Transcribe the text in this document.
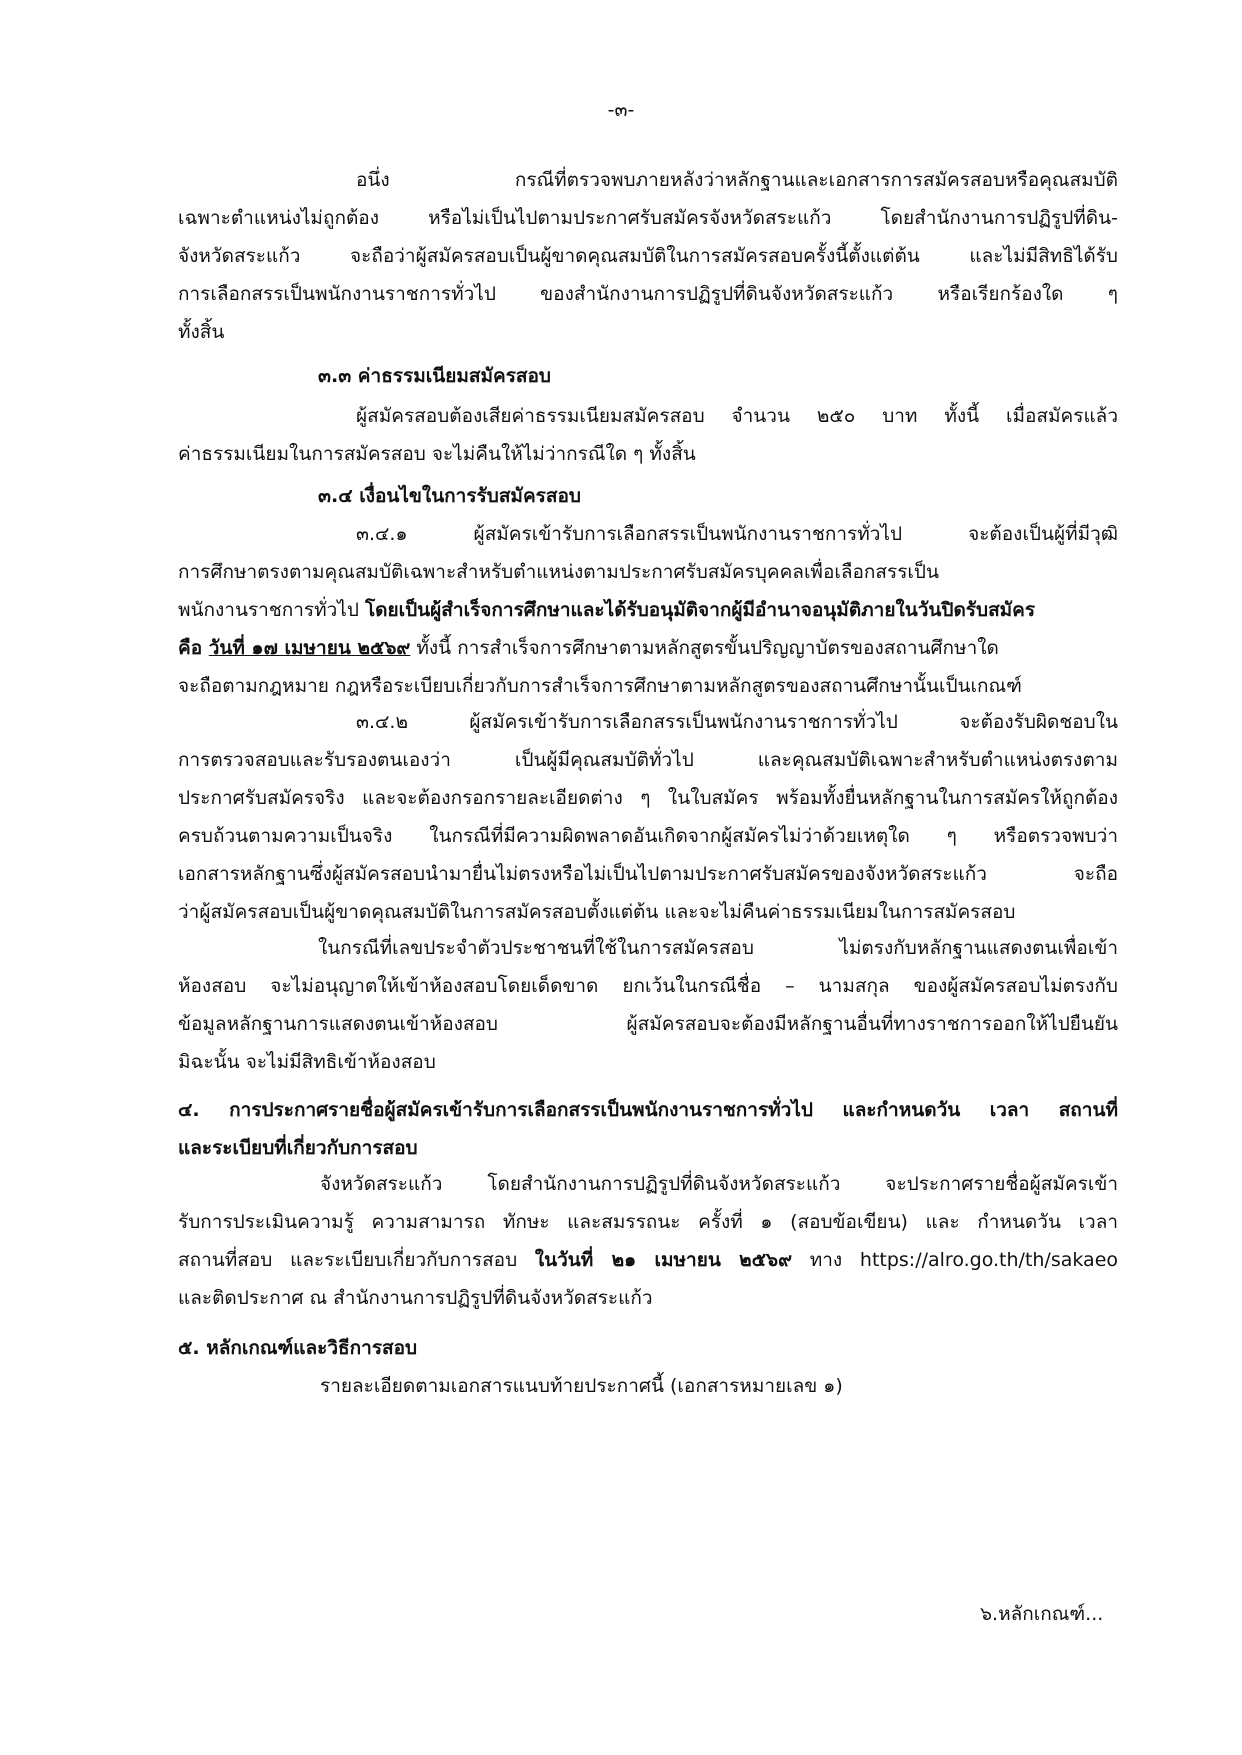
-๓-
อนึ่ง กรณีที่ตรวจพบภายหลังว่าหลักฐานและเอกสารการสมัครสอบหรือคุณสมบัติ
เฉพาะตำแหน่งไม่ถูกต้อง หรือไม่เป็นไปตามประกาศรับสมัครจังหวัดสระแก้ว โดยสำนักงานการปฏิรูปที่ดิน-
จังหวัดสระแก้ว จะถือว่าผู้สมัครสอบเป็นผู้ขาดคุณสมบัติในการสมัครสอบครั้งนี้ตั้งแต่ต้น และไม่มีสิทธิได้รับ
การเลือกสรรเป็นพนักงานราชการทั่วไป ของสำนักงานการปฏิรูปที่ดินจังหวัดสระแก้ว หรือเรียกร้องใด ๆ
ทั้งสิ้น
๓.๓ ค่าธรรมเนียมสมัครสอบ
ผู้สมัครสอบต้องเสียค่าธรรมเนียมสมัครสอบ จำนวน ๒๕๐ บาท ทั้งนี้ เมื่อสมัครแล้ว
ค่าธรรมเนียมในการสมัครสอบ จะไม่คืนให้ไม่ว่ากรณีใด ๆ ทั้งสิ้น
๓.๔ เงื่อนไขในการรับสมัครสอบ
๓.๔.๑ ผู้สมัครเข้ารับการเลือกสรรเป็นพนักงานราชการทั่วไป จะต้องเป็นผู้ที่มีวุฒิ
การศึกษาตรงตามคุณสมบัติเฉพาะสำหรับตำแหน่งตามประกาศรับสมัครบุคคลเพื่อเลือกสรรเป็น
พนักงานราชการทั่วไป โดยเป็นผู้สำเร็จการศึกษาและได้รับอนุมัติจากผู้มีอำนาจอนุมัติภายในวันปิดรับสมัคร
คือ วันที่ ๑๗ เมษายน ๒๕๖๙ ทั้งนี้ การสำเร็จการศึกษาตามหลักสูตรขั้นปริญญาบัตรของสถานศึกษาใด
จะถือตามกฎหมาย กฎหรือระเบียบเกี่ยวกับการสำเร็จการศึกษาตามหลักสูตรของสถานศึกษานั้นเป็นเกณฑ์
๓.๔.๒ ผู้สมัครเข้ารับการเลือกสรรเป็นพนักงานราชการทั่วไป จะต้องรับผิดชอบใน
การตรวจสอบและรับรองตนเองว่า เป็นผู้มีคุณสมบัติทั่วไป และคุณสมบัติเฉพาะสำหรับตำแหน่งตรงตาม
ประกาศรับสมัครจริง และจะต้องกรอกรายละเอียดต่าง ๆ ในใบสมัคร พร้อมทั้งยื่นหลักฐานในการสมัครให้ถูกต้อง
ครบถ้วนตามความเป็นจริง ในกรณีที่มีความผิดพลาดอันเกิดจากผู้สมัครไม่ว่าด้วยเหตุใด ๆ หรือตรวจพบว่า
เอกสารหลักฐานซึ่งผู้สมัครสอบนำมายื่นไม่ตรงหรือไม่เป็นไปตามประกาศรับสมัครของจังหวัดสระแก้ว จะถือ
ว่าผู้สมัครสอบเป็นผู้ขาดคุณสมบัติในการสมัครสอบตั้งแต่ต้น และจะไม่คืนค่าธรรมเนียมในการสมัครสอบ
ในกรณีที่เลขประจำตัวประชาชนที่ใช้ในการสมัครสอบ ไม่ตรงกับหลักฐานแสดงตนเพื่อเข้า
ห้องสอบ จะไม่อนุญาตให้เข้าห้องสอบโดยเด็ดขาด ยกเว้นในกรณีชื่อ – นามสกุล ของผู้สมัครสอบไม่ตรงกับ
ข้อมูลหลักฐานการแสดงตนเข้าห้องสอบ ผู้สมัครสอบจะต้องมีหลักฐานอื่นที่ทางราชการออกให้ไปยืนยัน
มิฉะนั้น จะไม่มีสิทธิเข้าห้องสอบ
๔. การประกาศรายชื่อผู้สมัครเข้ารับการเลือกสรรเป็นพนักงานราชการทั่วไป และกำหนดวัน เวลา สถานที่
และระเบียบที่เกี่ยวกับการสอบ
จังหวัดสระแก้ว โดยสำนักงานการปฏิรูปที่ดินจังหวัดสระแก้ว จะประกาศรายชื่อผู้สมัครเข้า
รับการประเมินความรู้ ความสามารถ ทักษะ และสมรรถนะ ครั้งที่ ๑ (สอบข้อเขียน) และ กำหนดวัน เวลา
สถานที่สอบ และระเบียบเกี่ยวกับการสอบ ในวันที่ ๒๑ เมษายน ๒๕๖๙ ทาง https://alro.go.th/th/sakaeo
และติดประกาศ ณ สำนักงานการปฏิรูปที่ดินจังหวัดสระแก้ว
๕. หลักเกณฑ์และวิธีการสอบ
รายละเอียดตามเอกสารแนบท้ายประกาศนี้ (เอกสารหมายเลข ๑)
๖.หลักเกณฑ์...
